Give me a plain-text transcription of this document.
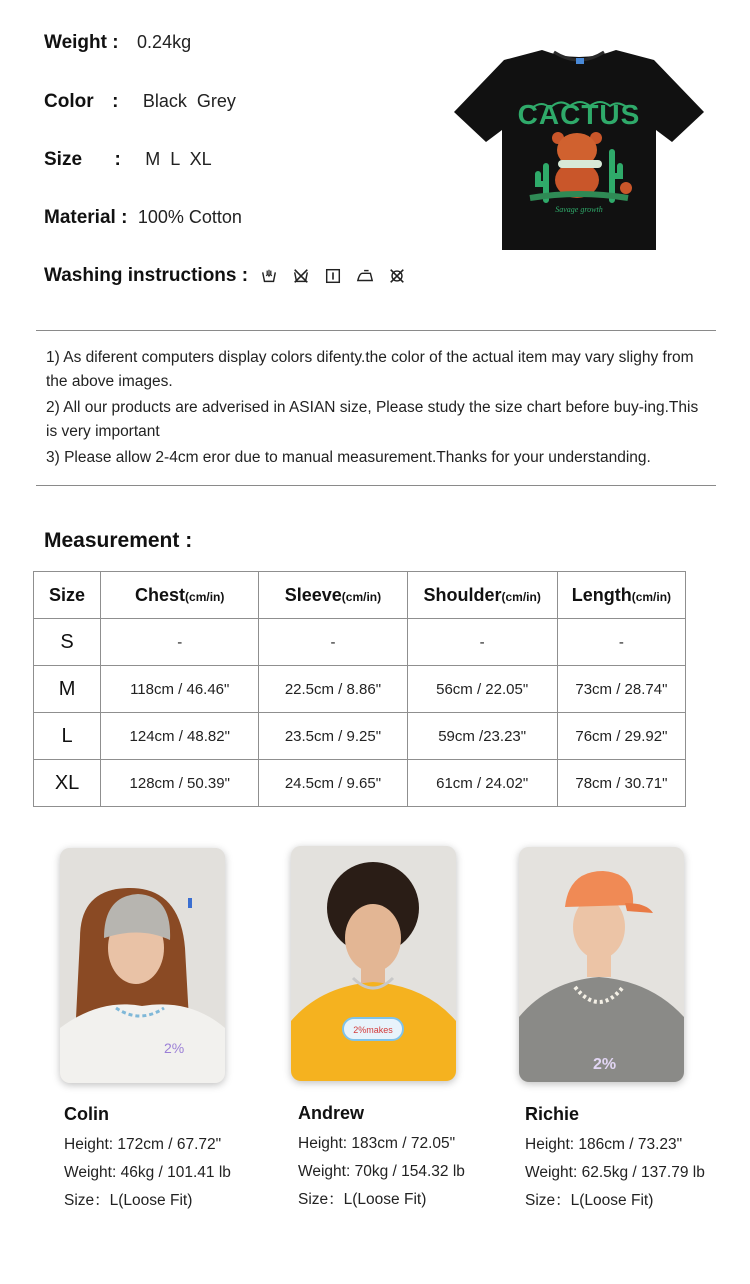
Weight : 0.24kg
Color : Black  Grey
Size : M  L  XL
Material : 100% Cotton
Washing instructions :
CACTUS
Savage growth

1) As diferent computers display colors difenty.the color of the actual item may vary slighy from the above images.

2) All our products are adverised in ASIAN size, Please study the size chart before buy-ing.This is very important

3) Please allow 2-4cm eror due to manual measurement.Thanks for your understanding.

Measurement :
Size	Chest(cm/in)	Sleeve(cm/in)	Shoulder(cm/in)	Length(cm/in)
S	-	-	-	-
M	118cm / 46.46"	22.5cm / 8.86"	56cm / 22.05"	73cm / 28.74"
L	124cm / 48.82"	23.5cm / 9.25"	59cm /23.23"	76cm / 29.92"
XL	128cm / 50.39"	24.5cm / 9.65"	61cm / 24.02"	78cm / 30.71"
2%
Colin
Height: 172cm / 67.72"
Weight: 46kg / 101.41 lb
Size：L(Loose Fit)
2%makes
Andrew
Height: 183cm / 72.05"
Weight: 70kg / 154.32 lb
Size：L(Loose Fit)
2%
Richie
Height: 186cm / 73.23"
Weight: 62.5kg / 137.79 lb
Size：L(Loose Fit)
